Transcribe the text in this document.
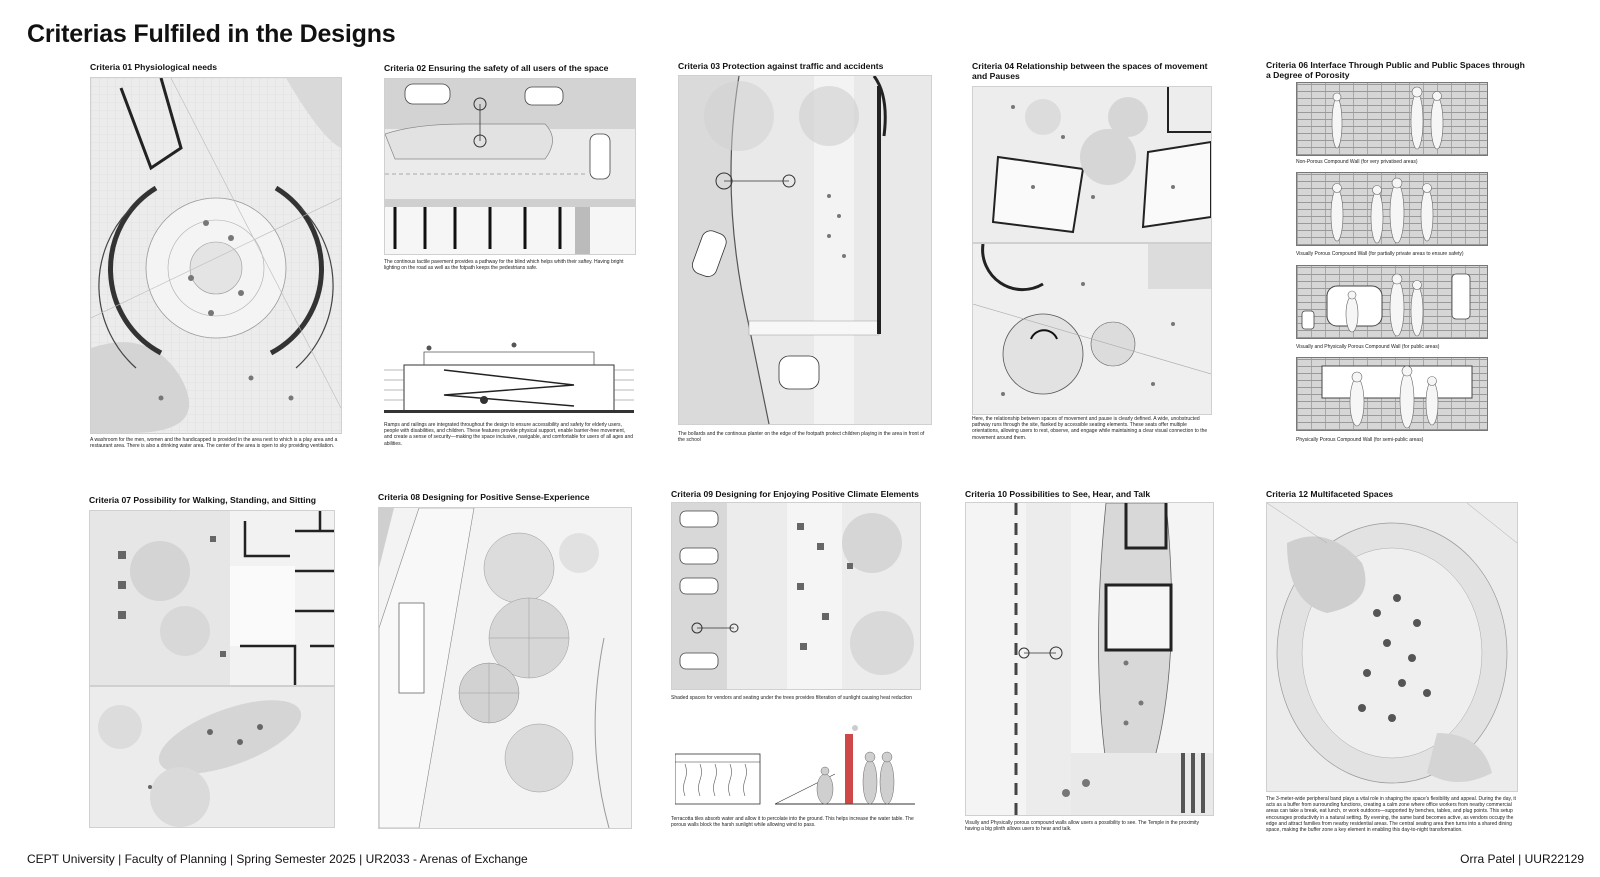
Criterias Fulfiled in the Designs
Criteria 01 Physiological needs
A washroom for the men, women and the handicapped is provided in the area next to which is a play area and a restaurant area. There is also a drinking water area. The center of the area is open to sky providing ventilation.
Criteria 02 Ensuring the safety of all users of the space
The continous tactile pavement provides a pathway for the blind which helps whith their saftey. Having bright lighting on the road as well as the fotpath keeps the pedestrians safe.
Ramps and railings are integrated throughout the design to ensure accessibility and safety for elderly users, people with disabilities, and children. These features provide physical support, enable barrier-free movement, and create a sense of security—making the space inclusive, navigable, and comfortable for users of all ages and abilities.
Criteria 03 Protection against traffic and accidents
The bollards and the continous planter on the edge of the footpath protect children playing in the area in front of the school
Criteria 04 Relationship between the spaces of movement and Pauses
Here, the relationship between spaces of movement and pause is clearly defined. A wide, unobstructed pathway runs through the site, flanked by accessible seating elements. These seats offer multiple orientations, allowing users to rest, observe, and engage while maintaining a clear visual connection to the movement around them.
Criteria 06 Interface Through Public and Public Spaces through a Degree of Porosity
Non-Porous Compound Wall (for very privatised areas)
Visually Porous Compound Wall (for partially private areas to ensure safety)
Visually and Physically Porous Compound Wall (for public areas)
Physically Porous Compound Wall (for semi-public areas)
Criteria 07 Possibility for Walking, Standing, and Sitting	Criteria 08 Designing for Positive Sense-Experience	Criteria 09 Designing for Enjoying Positive Climate Elements
Shaded spaces for vendors and seating under the trees provides filteration of sunlight causing heat reduction
Terracotta tiles absorb water and allow it to percolate into the ground. This helps increase the water table. The porous walls block the harsh sunlight while allowing wind to pass.
Criteria 10 Possibilities to See, Hear, and Talk
Visully and Physically porous compound walls allow users a possibility to see. The Temple in the proximity having a big plinth allows users to hear and talk.
Criteria 12 Multifaceted Spaces
The 3-meter-wide peripheral band plays a vital role in shaping the space's flexibility and appeal. During the day, it acts as a buffer from surrounding functions, creating a calm zone where office workers from nearby commercial areas can take a break, eat lunch, or work outdoors—supported by benches, tables, and plug points. This setup encourages productivity in a natural setting. By evening, the same band becomes active, as vendors occupy the edge and attract families from nearby residential areas. The central seating area then turns into a shared dining space, making the buffer zone a key element in enabling this day-to-night transformation.
CEPT University | Faculty of Planning | Spring Semester 2025 | UR2033 - Arenas of Exchange	Orra Patel | UUR22129
